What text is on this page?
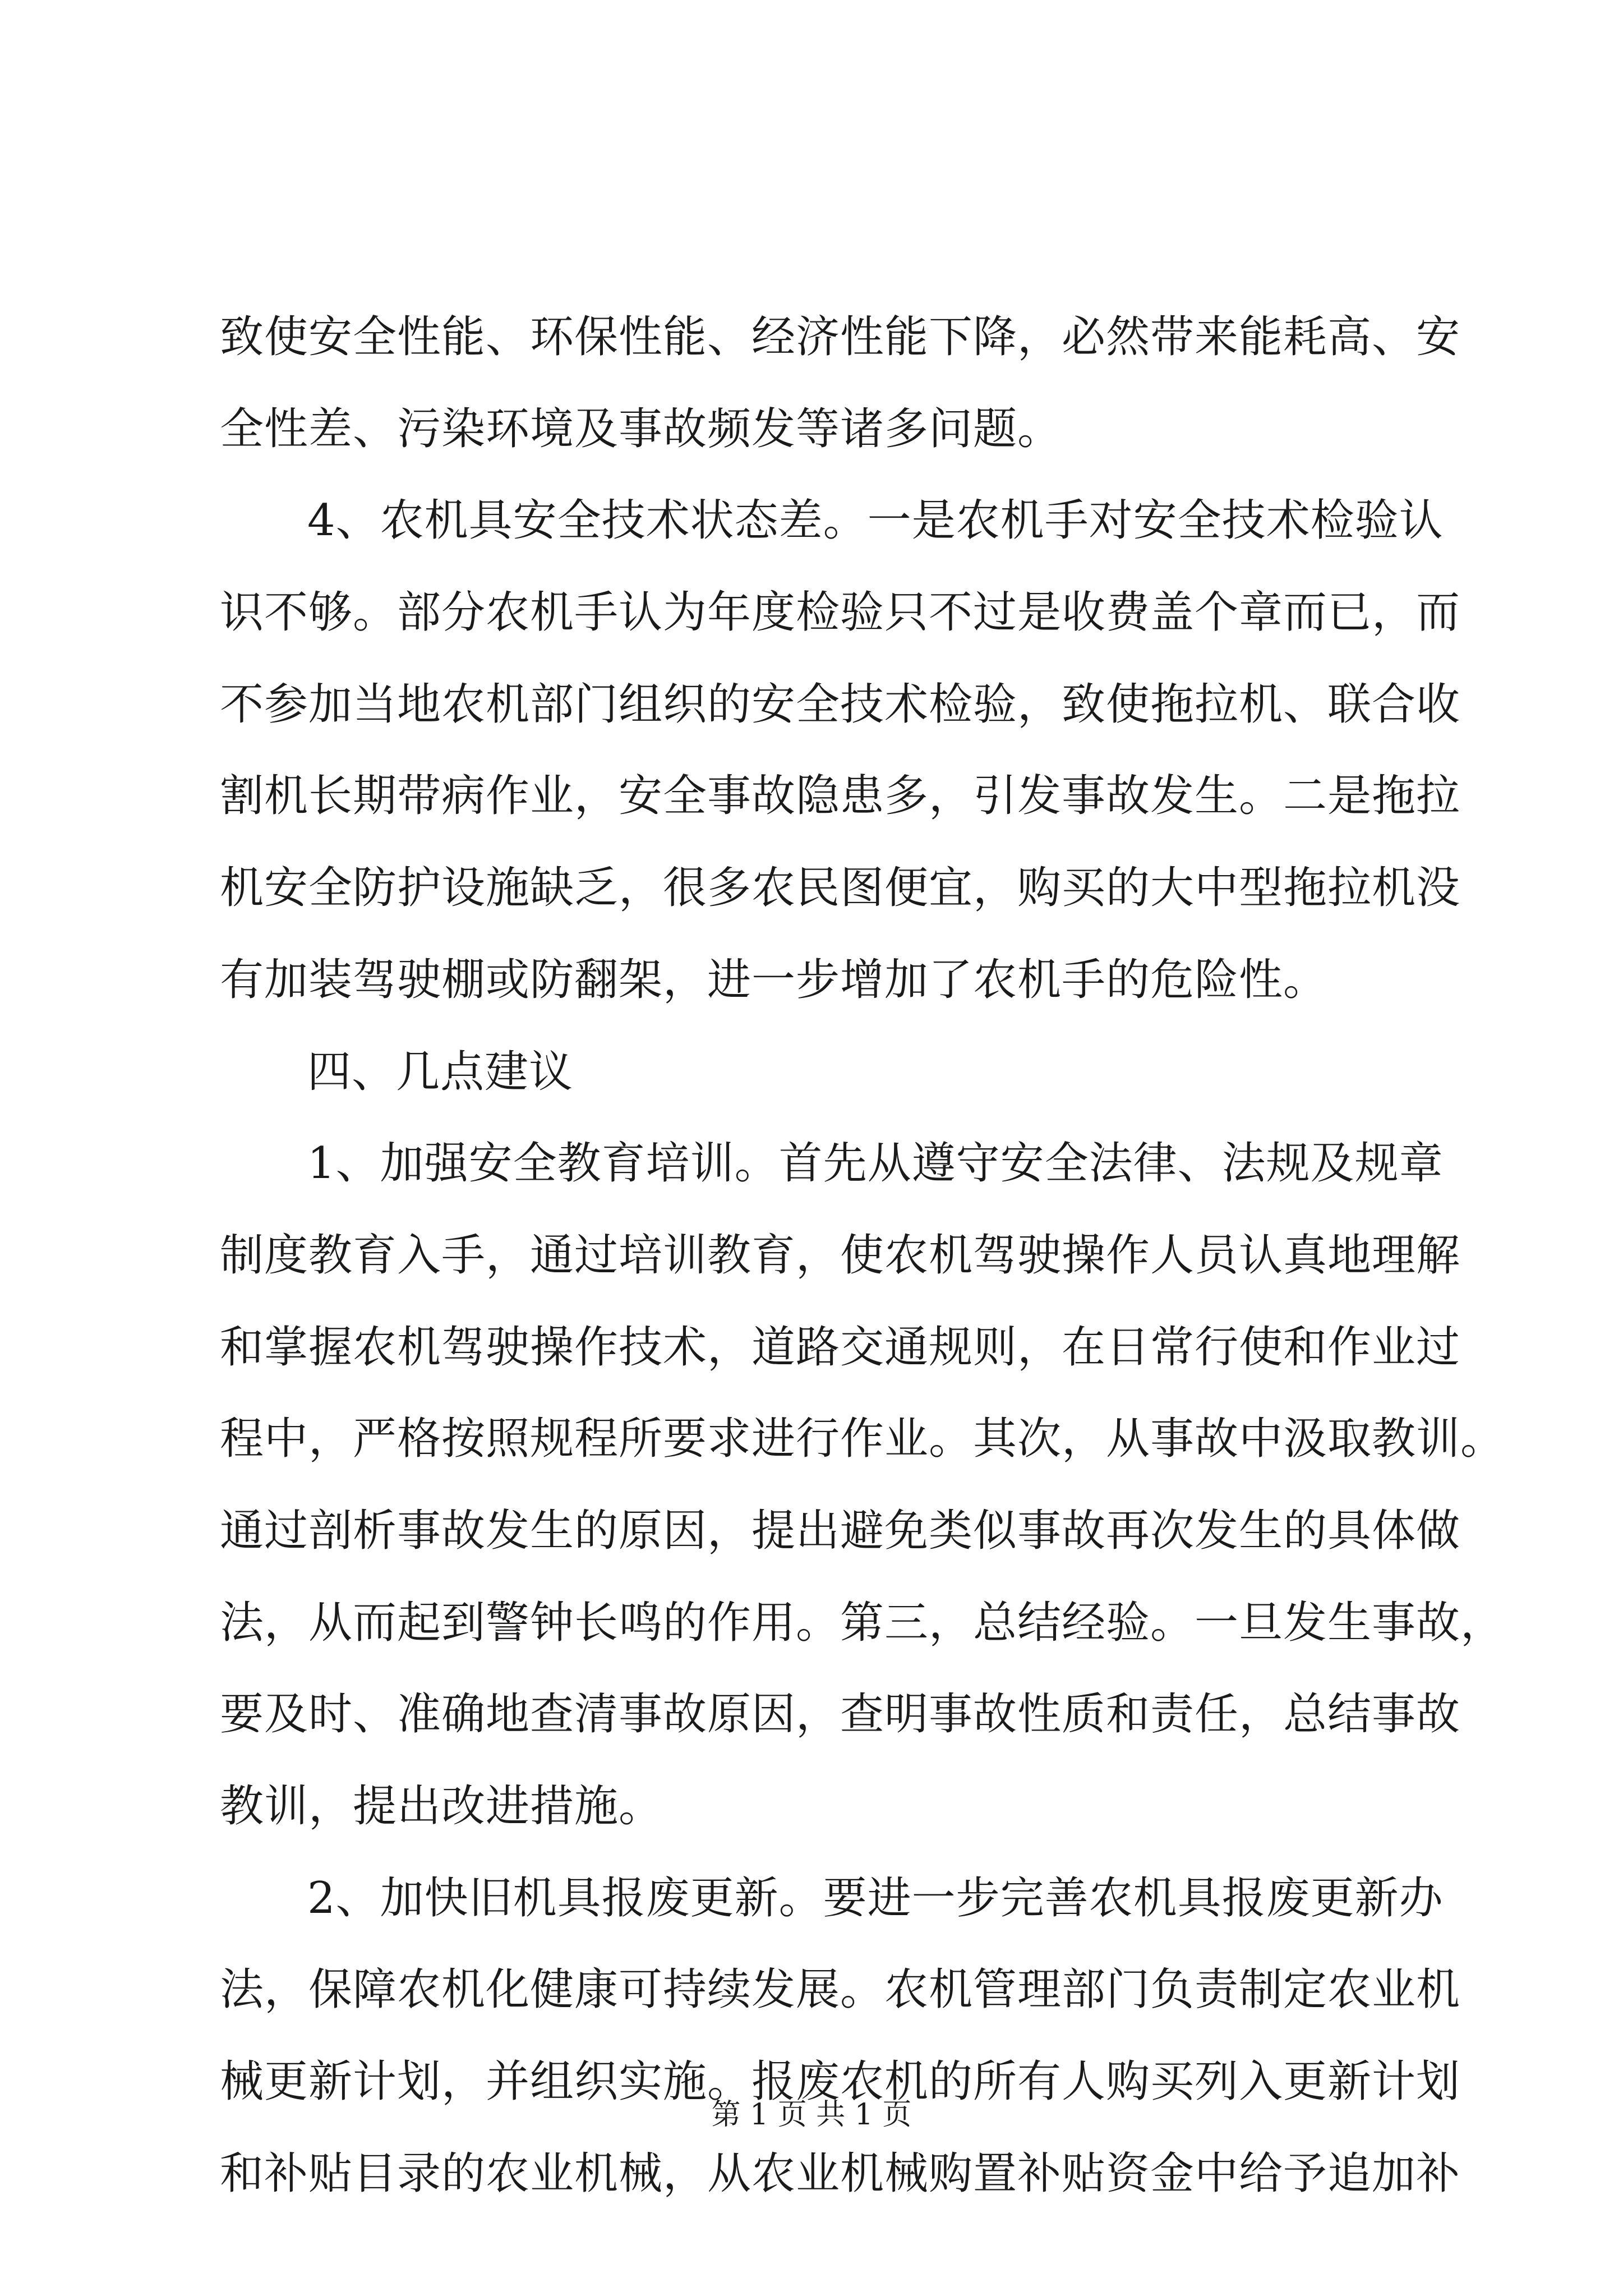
致使安全性能、环保性能、经济性能下降，必然带来能耗高、安
全性差、污染环境及事故频发等诸多问题。
4、农机具安全技术状态差。一是农机手对安全技术检验认
识不够。部分农机手认为年度检验只不过是收费盖个章而已，而
不参加当地农机部门组织的安全技术检验，致使拖拉机、联合收
割机长期带病作业，安全事故隐患多，引发事故发生。二是拖拉
机安全防护设施缺乏，很多农民图便宜，购买的大中型拖拉机没
有加装驾驶棚或防翻架，进一步增加了农机手的危险性。
四、几点建议
1、加强安全教育培训。首先从遵守安全法律、法规及规章
制度教育入手，通过培训教育，使农机驾驶操作人员认真地理解
和掌握农机驾驶操作技术，道路交通规则，在日常行使和作业过
程中，严格按照规程所要求进行作业。其次，从事故中汲取教训。
通过剖析事故发生的原因，提出避免类似事故再次发生的具体做
法，从而起到警钟长鸣的作用。第三，总结经验。一旦发生事故，
要及时、准确地查清事故原因，查明事故性质和责任，总结事故
教训，提出改进措施。
2、加快旧机具报废更新。要进一步完善农机具报废更新办
法，保障农机化健康可持续发展。农机管理部门负责制定农业机
械更新计划，并组织实施。报废农机的所有人购买列入更新计划
和补贴目录的农业机械，从农业机械购置补贴资金中给予追加补
第 1 页 共 1 页
